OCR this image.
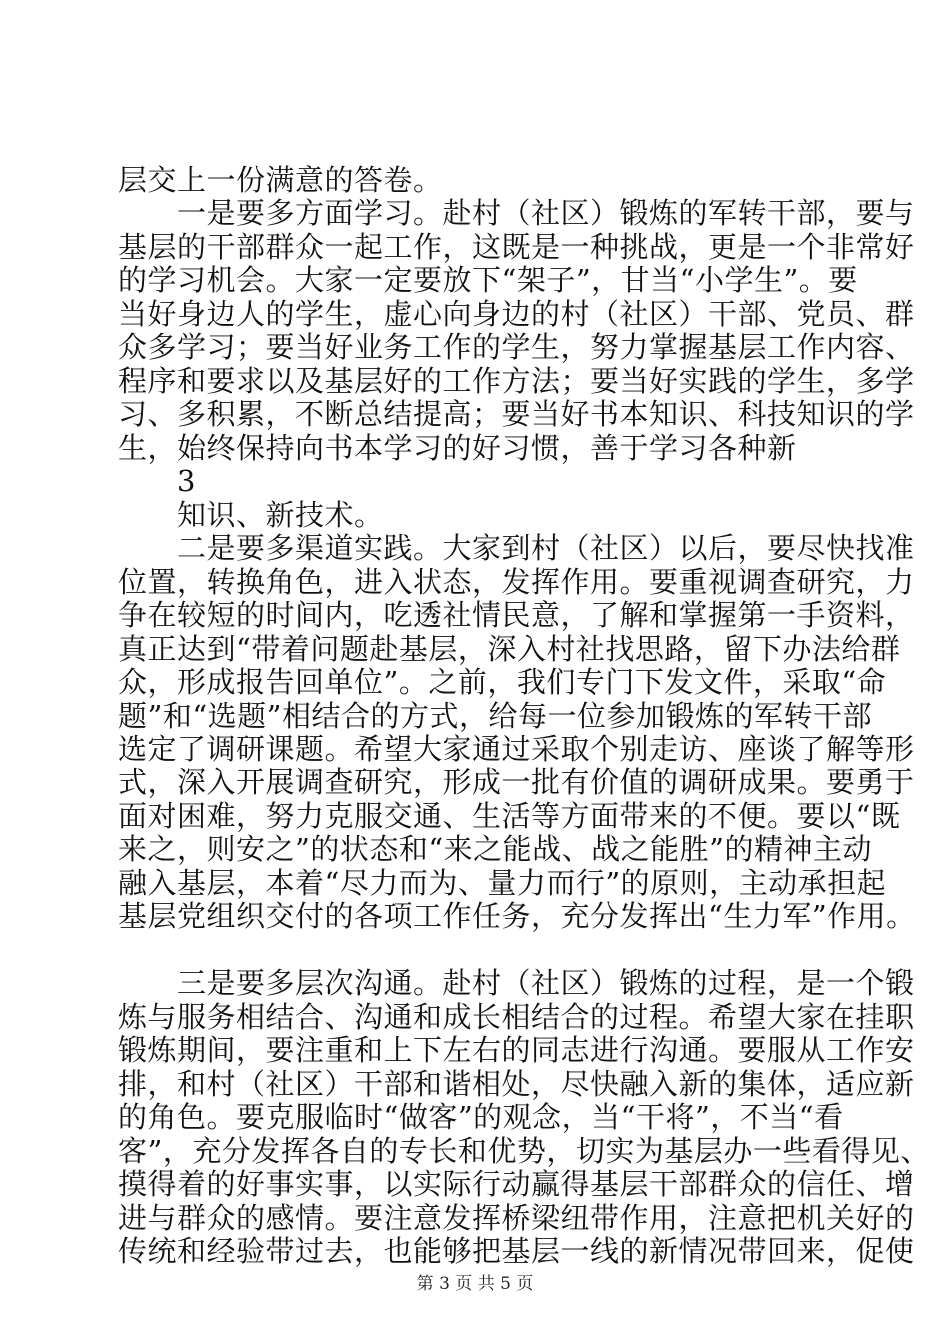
层交上一份满意的答卷。
一是要多方面学习。赴村（社区）锻炼的军转干部，要与
基层的干部群众一起工作，这既是一种挑战，更是一个非常好
的学习机会。大家一定要放下“架子”，甘当“小学生”。要
当好身边人的学生，虚心向身边的村（社区）干部、党员、群
众多学习；要当好业务工作的学生，努力掌握基层工作内容、
程序和要求以及基层好的工作方法；要当好实践的学生，多学
习、多积累，不断总结提高；要当好书本知识、科技知识的学
生，始终保持向书本学习的好习惯，善于学习各种新
3
知识、新技术。
二是要多渠道实践。大家到村（社区）以后，要尽快找准
位置，转换角色，进入状态，发挥作用。要重视调查研究，力
争在较短的时间内，吃透社情民意，了解和掌握第一手资料，
真正达到“带着问题赴基层，深入村社找思路，留下办法给群
众，形成报告回单位”。之前，我们专门下发文件，采取“命
题”和“选题”相结合的方式，给每一位参加锻炼的军转干部
选定了调研课题。希望大家通过采取个别走访、座谈了解等形
式，深入开展调查研究，形成一批有价值的调研成果。要勇于
面对困难，努力克服交通、生活等方面带来的不便。要以“既
来之，则安之”的状态和“来之能战、战之能胜”的精神主动
融入基层，本着“尽力而为、量力而行”的原则，主动承担起
基层党组织交付的各项工作任务，充分发挥出“生力军”作用。
三是要多层次沟通。赴村（社区）锻炼的过程，是一个锻
炼与服务相结合、沟通和成长相结合的过程。希望大家在挂职
锻炼期间，要注重和上下左右的同志进行沟通。要服从工作安
排，和村（社区）干部和谐相处，尽快融入新的集体，适应新
的角色。要克服临时“做客”的观念，当“干将”，不当“看
客”，充分发挥各自的专长和优势，切实为基层办一些看得见、
摸得着的好事实事，以实际行动赢得基层干部群众的信任、增
进与群众的感情。要注意发挥桥梁纽带作用，注意把机关好的
传统和经验带过去，也能够把基层一线的新情况带回来，促使
第 3 页 共 5 页
